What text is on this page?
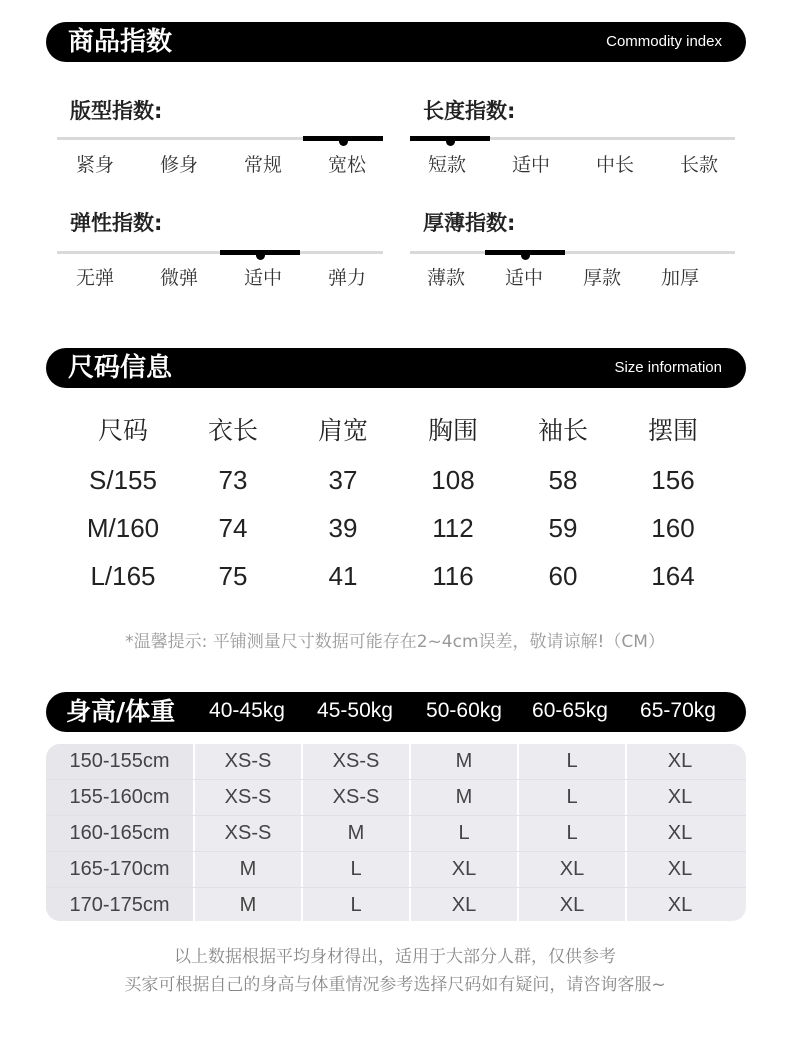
商品指数	Commodity index
版型指数:
紧身	修身	常规	宽松
长度指数:
短款	适中	中长	长款
弹性指数:
无弹	微弹	适中	弹力
厚薄指数:
薄款	适中	厚款	加厚
尺码信息	Size information
尺码	衣长	肩宽	胸围	袖长	摆围
S/155	73	37	108	58	156
M/160	74	39	112	59	160
L/165	75	41	116	60	164
*温馨提示: 平铺测量尺寸数据可能存在2~4cm误差，敬请谅解!（CM）
身高/体重	40-45kg	45-50kg	50-60kg	60-65kg	65-70kg
150-155cm	XS-S	XS-S	M	L	XL
155-160cm	XS-S	XS-S	M	L	XL
160-165cm	XS-S	M	L	L	XL
165-170cm	M	L	XL	XL	XL
170-175cm	M	L	XL	XL	XL
以上数据根据平均身材得出，适用于大部分人群，仅供参考
买家可根据自己的身高与体重情况参考选择尺码如有疑问，请咨询客服~
